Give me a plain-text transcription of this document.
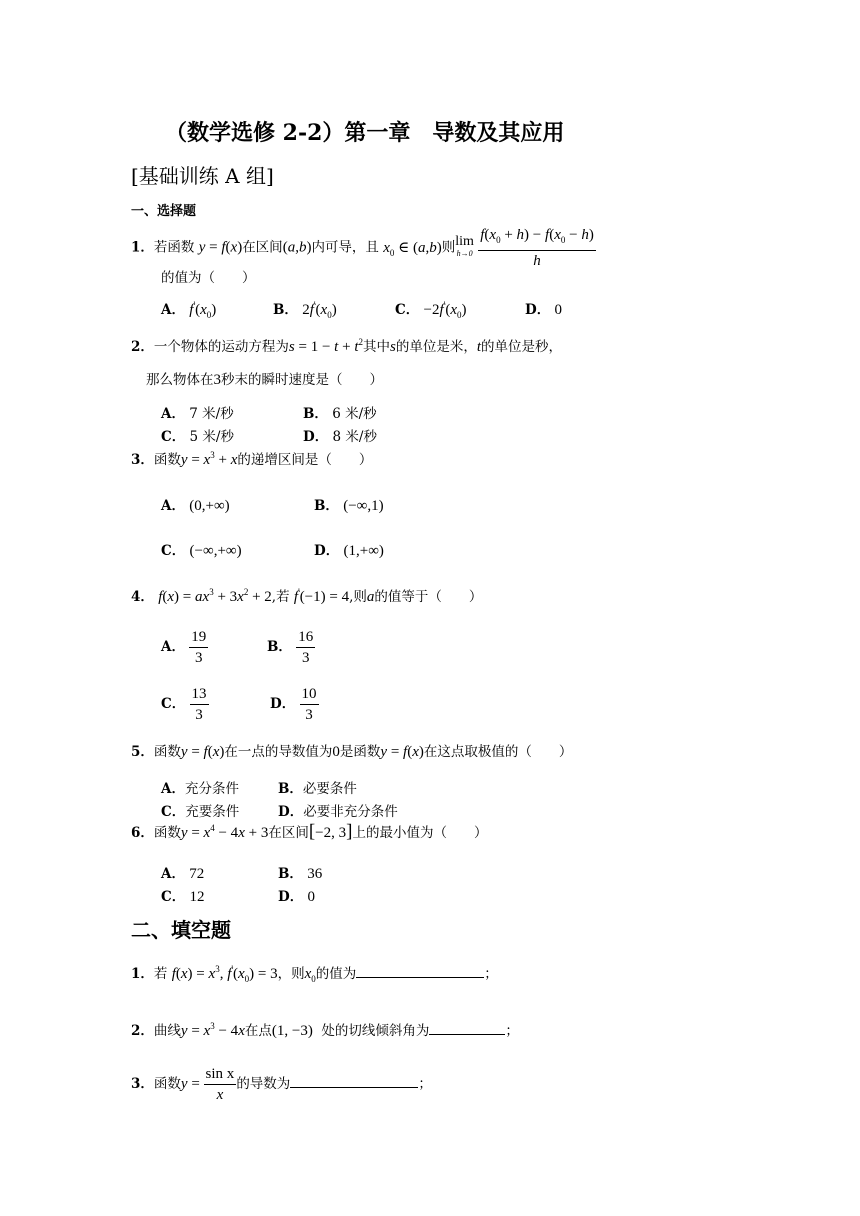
（数学选修 2-2）第一章　导数及其应用
[基础训练 A 组]
一、选择题
1．若函数 y = f(x)在区间(a,b)内可导，且 $x_0$ ∈ (a,b)则 lim
h→0
$\frac{f(x_0 + h) - f(x_0 - h)}{h}$
的值为（　　）
A． $f'(x_0)$	B． $2f'(x_0)$	C． $-2f'(x_0)$	D． 0
2．一个物体的运动方程为$s = 1 - t + t^2$其中s的单位是米，t的单位是秒，
那么物体在3秒末的瞬时速度是（　　）
A． 7 米/秒	B． 6 米/秒
C． 5 米/秒	D． 8 米/秒
3．函数$y = x^3 + x$的递增区间是（　　）
A． (0,+∞)	B． (−∞,1)
C． (−∞,+∞)	D． (1,+∞)
4． $f(x) = ax^3 + 3x^2 + 2$,若 f'(−1) = 4,则a的值等于（　　）
A． $\frac{19}{3}$	B． $\frac{16}{3}$
C． $\frac{13}{3}$	D． $\frac{10}{3}$
5．函数y = f(x)在一点的导数值为0是函数y = f(x)在这点取极值的（　　）
A．充分条件	B．必要条件
C．充要条件	D．必要非充分条件
6．函数$y = x^4 - 4x + 3$在区间[−2, 3]上的最小值为（　　）
A． 72	B． 36
C． 12	D． 0
二、填空题
1．若 $f(x) = x^3$, $f'(x_0) = 3$，则$x_0$的值为	；
2．曲线$y = x^3 - 4x$在点(1, −3) 处的切线倾斜角为	；
3．函数$y = \frac{\text{sin x}}{x}$ 的导数为	；
